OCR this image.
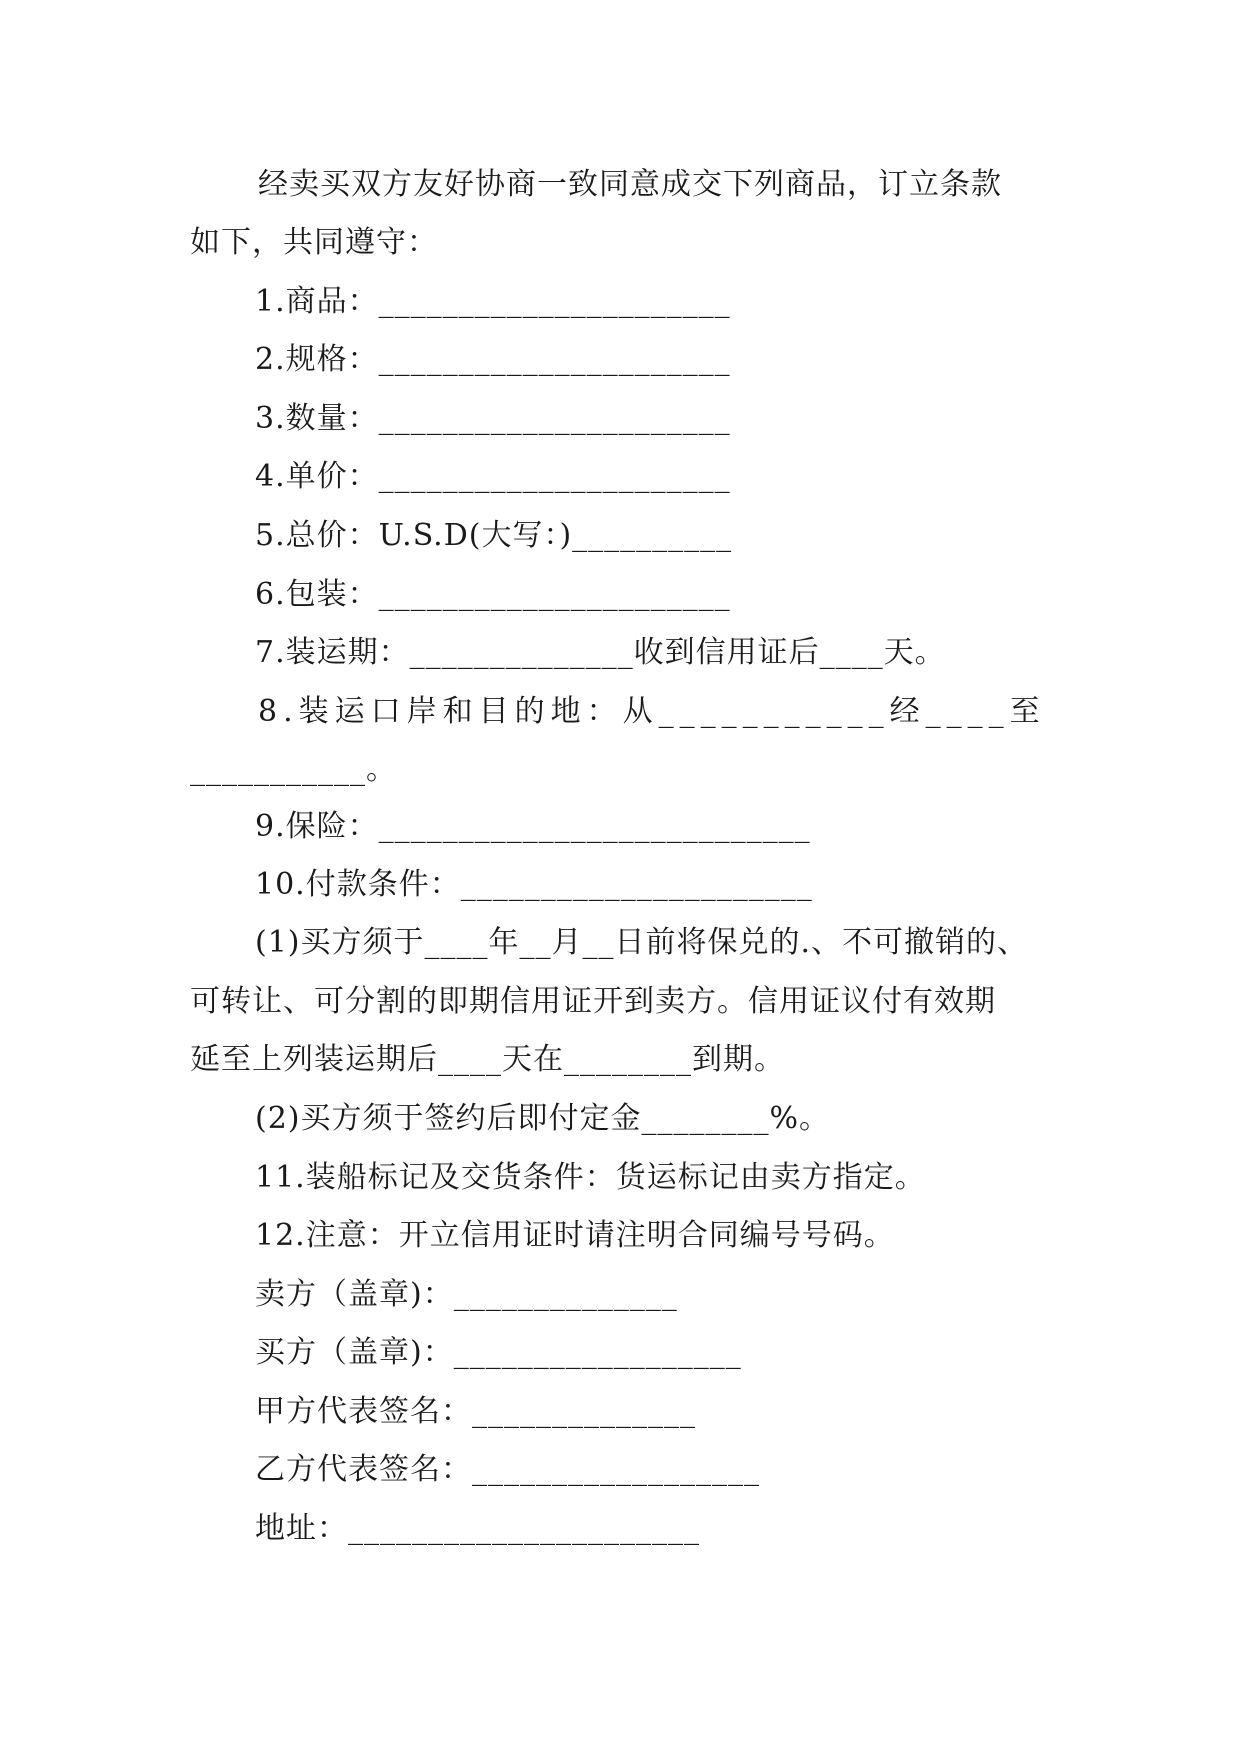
经卖买双方友好协商一致同意成交下列商品，订立条款
如下，共同遵守：
1.商品：______________________
2.规格：______________________
3.数量：______________________
4.单价：______________________
5.总价：U.S.D(大写：)__________
6.包装：______________________
7.装运期：______________收到信用证后____天。
8.装运口岸和目的地：从___________经____至
___________。
9.保险：___________________________
10.付款条件：______________________
(1)买方须于____年__月__日前将保兑的.、不可撤销的、
可转让、可分割的即期信用证开到卖方。信用证议付有效期
延至上列装运期后____天在________到期。
(2)买方须于签约后即付定金________%。
11.装船标记及交货条件：货运标记由卖方指定。
12.注意：开立信用证时请注明合同编号号码。
卖方（盖章)：______________
买方（盖章)：__________________
甲方代表签名：______________
乙方代表签名：__________________
地址：______________________
